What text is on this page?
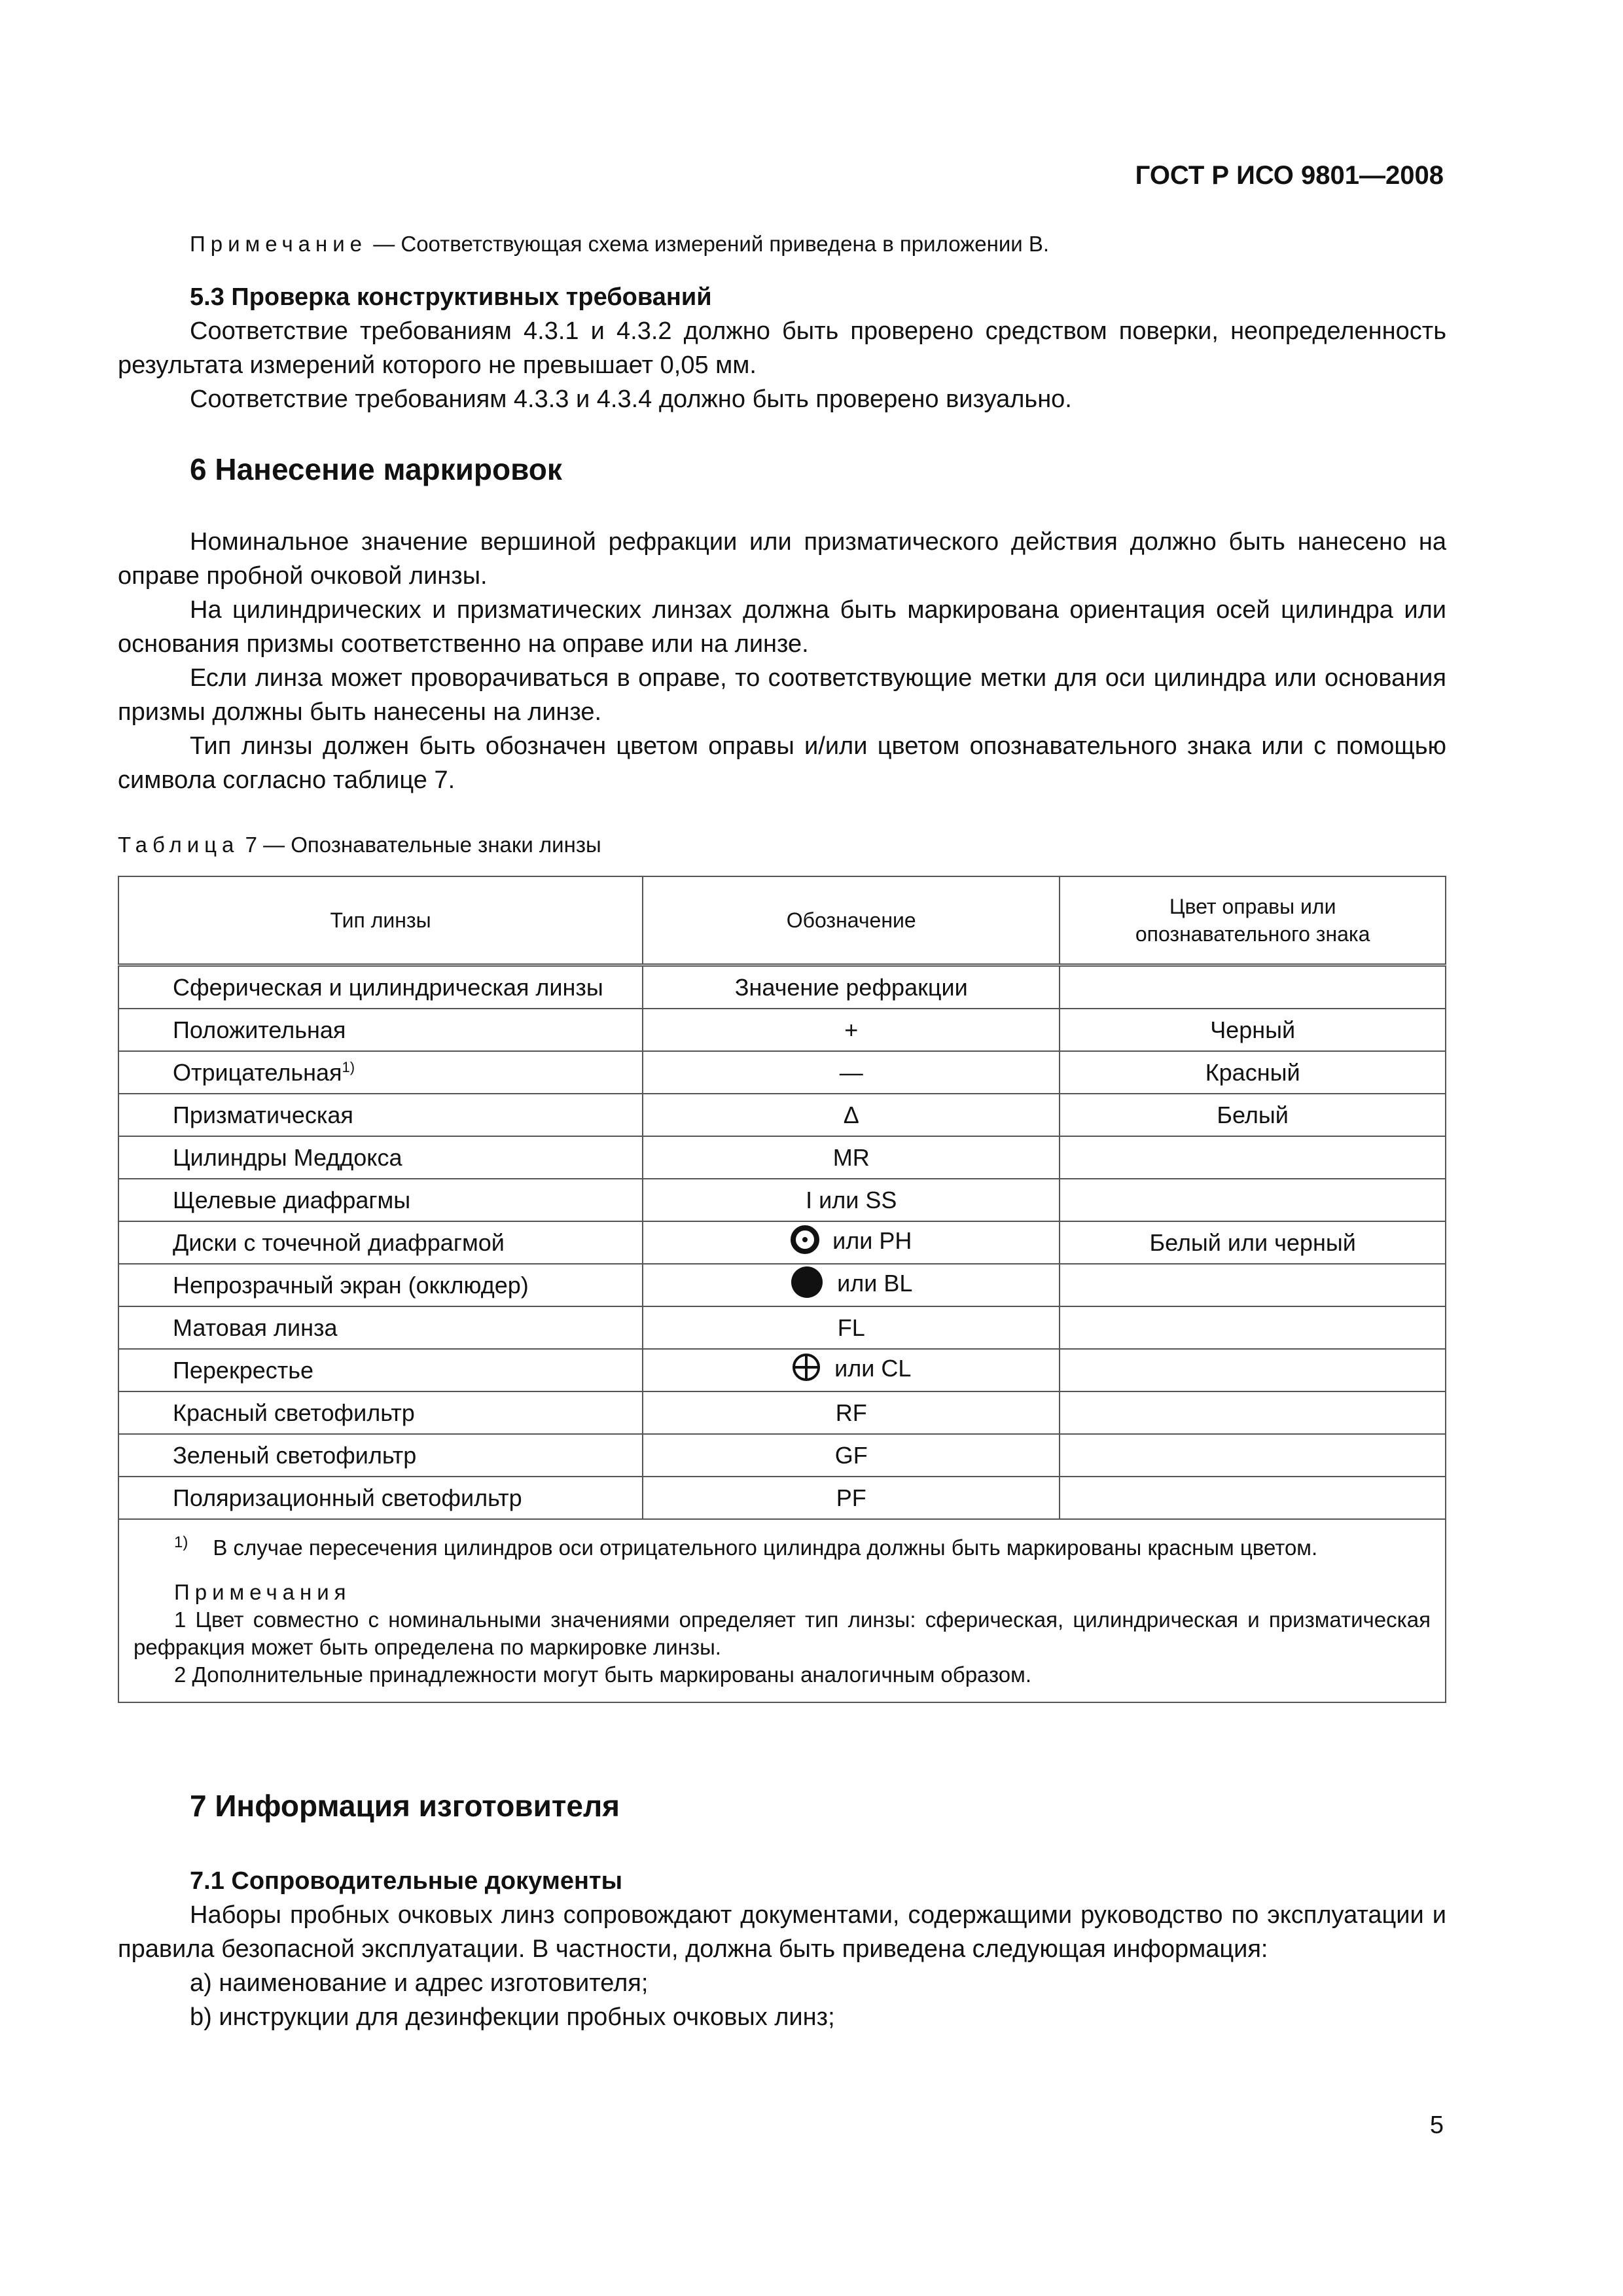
ГОСТ Р ИСО 9801—2008

Примечание — Соответствующая схема измерений приведена в приложении В.

5.3 Проверка конструктивных требований

Соответствие требованиям 4.3.1 и 4.3.2 должно быть проверено средством поверки, неопределенность результата измерений которого не превышает 0,05 мм.

Соответствие требованиям 4.3.3 и 4.3.4 должно быть проверено визуально.

6 Нанесение маркировок

Номинальное значение вершиной рефракции или призматического действия должно быть нанесено на оправе пробной очковой линзы.

На цилиндрических и призматических линзах должна быть маркирована ориентация осей цилиндра или основания призмы соответственно на оправе или на линзе.

Если линза может проворачиваться в оправе, то соответствующие метки для оси цилиндра или основания призмы должны быть нанесены на линзе.

Тип линзы должен быть обозначен цветом оправы и/или цветом опознавательного знака или с помощью символа согласно таблице 7.

Таблица 7 — Опознавательные знаки линзы

Тип линзы	Обозначение	Цвет оправы или опознавательного знака
Сферическая и цилиндрическая линзы	Значение рефракции	
Положительная	+	Черный
Отрицательная$^{1)}$	—	Красный
Призматическая	Δ	Белый
Цилиндры Меддокса	MR	
Щелевые диафрагмы	I или SS	
Диски с точечной диафрагмой	или PH	Белый или черный
Непрозрачный экран (окклюдер)	или BL	
Матовая линза	FL	
Перекрестье	или CL	
Красный светофильтр	RF	
Зеленый светофильтр	GF	
Поляризационный светофильтр	PF	

$^{1)}$ В случае пересечения цилиндров оси отрицательного цилиндра должны быть маркированы красным цветом.
Примечания
1 Цвет совместно с номинальными значениями определяет тип линзы: сферическая, цилиндрическая и призматическая рефракция может быть определена по маркировке линзы.
2 Дополнительные принадлежности могут быть маркированы аналогичным образом.		

7 Информация изготовителя

7.1 Сопроводительные документы

Наборы пробных очковых линз сопровождают документами, содержащими руководство по эксплуатации и правила безопасной эксплуатации. В частности, должна быть приведена следующая информация:

a) наименование и адрес изготовителя;

b) инструкции для дезинфекции пробных очковых линз;

5
